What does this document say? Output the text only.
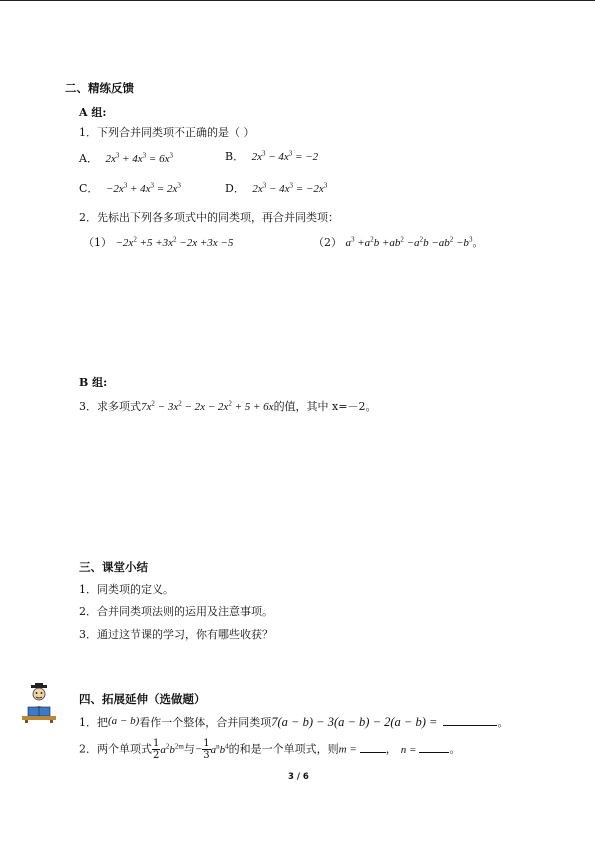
二、精练反馈
A 组:
1．下列合并同类项不正确的是（ ）
A． $2x^3 + 4x^3 = 6x^3$	B． $2x^3 - 4x^3 = -2$
C． $-2x^3 + 4x^3 = 2x^3$	D． $2x^3 - 4x^3 = -2x^3$
2．先标出下列各多项式中的同类项，再合并同类项：
$(1) -2x^2 +5 +3x^2 -2x +3x -5$	（2） $a^3 +a^2b +ab^2 -a^2b -ab^2 -b^3$。
B 组:
3．求多项式$7x^2 - 3x^2 - 2x - 2x^2 + 5 + 6x$的值，其中 x=－2。
三、课堂小结
1．同类项的定义。
2．合并同类项法则的运用及注意事项。
3．通过这节课的学习，你有哪些收获？
四、拓展延伸（选做题）
1．把(a − b)看作一个整体，合并同类项7(a − b) − 3(a − b) − 2(a − b) =	。
2．两个单项式 $\frac{1}{2} a^2b^{2m}$与− $\frac{1}{3} a^nb^4$的和是一个单项式，则m =	， n =	。
3 / 6
